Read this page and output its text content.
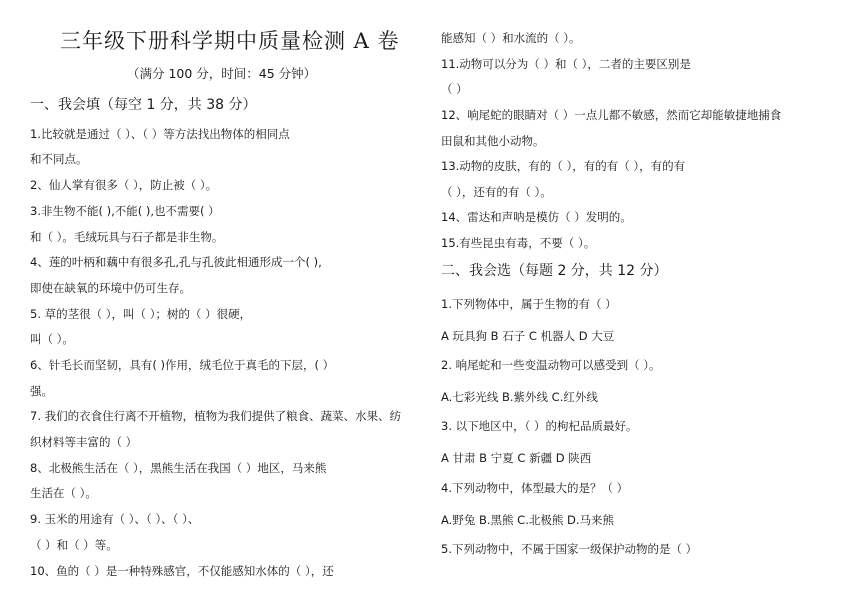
三年级下册科学期中质量检测 A 卷
（满分 100 分，时间：45 分钟）
一、我会填（每空 1 分，共 38 分）
1.比较就是通过（ ）、（ ）等方法找出物体的相同点
和不同点。
2、仙人掌有很多（ ），防止被（ ）。
3.非生物不能( ),不能( ),也不需要( ）
和（ ）。毛绒玩具与石子都是非生物。
4、莲的叶柄和藕中有很多孔,孔与孔彼此相通形成一个( ),
即使在缺氧的环境中仍可生存。
5. 草的茎很（ ），叫（ ）；树的（ ）很硬，
叫（ ）。
6、针毛长而坚韧，具有( )作用，绒毛位于真毛的下层，( ）
强。
7. 我们的衣食住行离不开植物，植物为我们提供了粮食、蔬菜、水果、纺
织材料等丰富的（ ）
8、北极熊生活在（ ），黑熊生活在我国（ ）地区，马来熊
生活在（ ）。
9. 玉米的用途有（ ）、（ ）、（ ）、
（ ）和（ ）等。
10、鱼的（ ）是一种特殊感官，不仅能感知水体的（ ），还
能感知（ ）和水流的（ ）。
11.动物可以分为（ ）和（ ），二者的主要区别是
（ ）
12、响尾蛇的眼睛对（ ）一点儿都不敏感，然而它却能敏捷地捕食
田鼠和其他小动物。
13.动物的皮肤，有的（ ），有的有（ ），有的有
（ ），还有的有（ ）。
14、雷达和声呐是模仿（ ）发明的。
15.有些昆虫有毒，不要（ ）。
二、我会选（每题 2 分，共 12 分）
1.下列物体中，属于生物的有（ ）
A 玩具狗 B 石子 C 机器人 D 大豆
2. 响尾蛇和一些变温动物可以感受到（ ）。
A.七彩光线 B.紫外线 C.红外线
3. 以下地区中，（ ）的枸杞品质最好。
A 甘肃 B 宁夏 C 新疆 D 陕西
4.下列动物中，体型最大的是？（ ）
A.野兔 B.黑熊 C.北极熊 D.马来熊
5.下列动物中，不属于国家一级保护动物的是（ ）
